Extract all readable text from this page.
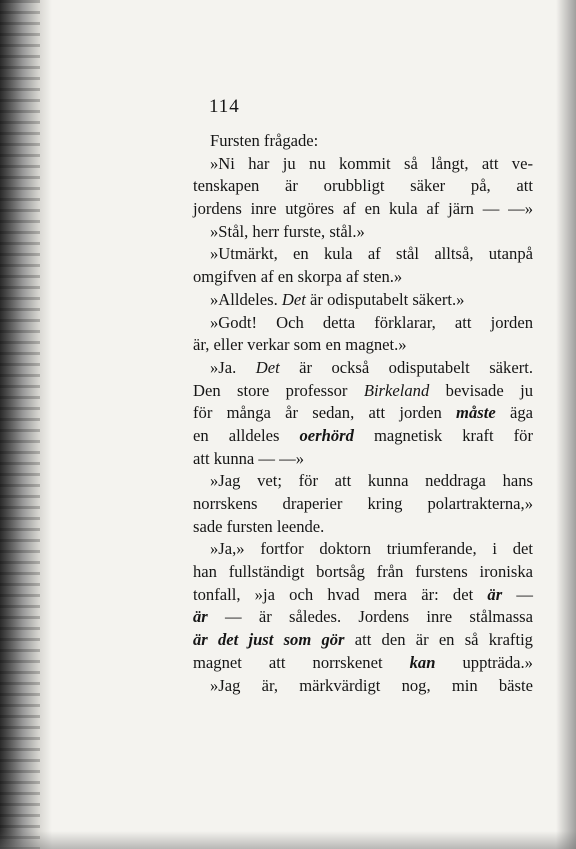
114
Fursten frågade:
»Ni har ju nu kommit så långt, att ve-
tenskapen är orubbligt säker på, att
jordens inre utgöres af en kula af järn — —»
»Stål, herr furste, stål.»
»Utmärkt, en kula af stål alltså, utanpå
omgifven af en skorpa af sten.»
»Alldeles. Det är odisputabelt säkert.»
»Godt! Och detta förklarar, att jorden
är, eller verkar som en magnet.»
»Ja. Det är också odisputabelt säkert.
Den store professor Birkeland bevisade ju
för många år sedan, att jorden måste äga
en alldeles oerhörd magnetisk kraft för
att kunna — —»
»Jag vet; för att kunna neddraga hans
norrskens draperier kring polartrakterna,»
sade fursten leende.
»Ja,» fortfor doktorn triumferande, i det
han fullständigt bortsåg från furstens ironiska
tonfall, »ja och hvad mera är: det är —
är — är således. Jordens inre stålmassa
är det just som gör att den är en så kraftig
magnet att norrskenet kan uppträda.»
»Jag är, märkvärdigt nog, min bäste
